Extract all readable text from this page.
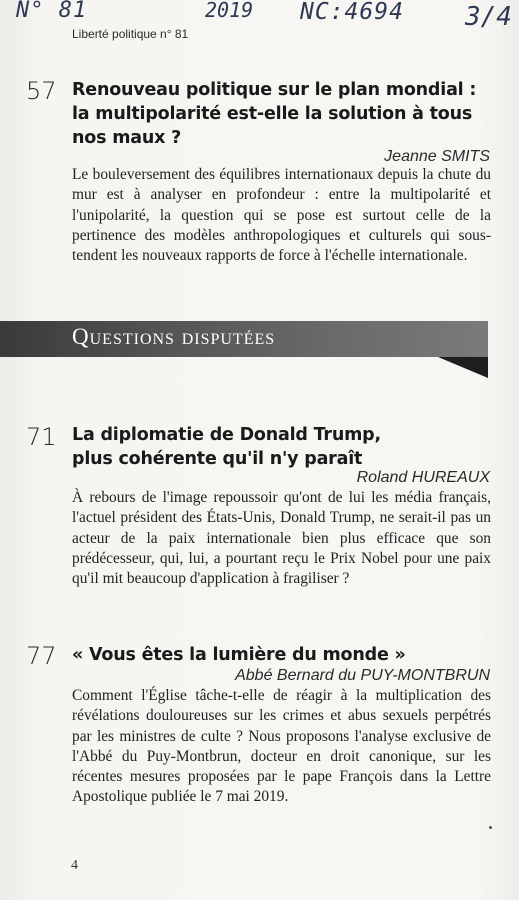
N° 81	2019 NC:4694 3/4
Liberté politique n° 81
57 Renouveau politique sur le plan mondial :
la multipolarité est-elle la solution à tous
nos maux ?
Jeanne SMITS
Le bouleversement des équilibres internationaux depuis la chute du mur est à analyser en profondeur : entre la multipolarité et l'unipolarité, la question qui se pose est surtout celle de la pertinence des modèles anthropologiques et culturels qui sous-tendent les nouveaux rapports de force à l'échelle internationale.
Questions disputées
71 La diplomatie de Donald Trump,
plus cohérente qu'il n'y paraît
Roland HUREAUX
À rebours de l'image repoussoir qu'ont de lui les média français, l'actuel président des États-Unis, Donald Trump, ne serait-il pas un acteur de la paix internationale bien plus efficace que son prédécesseur, qui, lui, a pourtant reçu le Prix Nobel pour une paix qu'il mit beaucoup d'application à fragiliser ?
77 « Vous êtes la lumière du monde »
Abbé Bernard du PUY-MONTBRUN
Comment l'Église tâche-t-elle de réagir à la multiplication des révélations douloureuses sur les crimes et abus sexuels perpétrés par les ministres de culte ? Nous proposons l'analyse exclusive de l'Abbé du Puy-Montbrun, docteur en droit canonique, sur les récentes mesures proposées par le pape François dans la Lettre Apostolique publiée le 7 mai 2019.
4
